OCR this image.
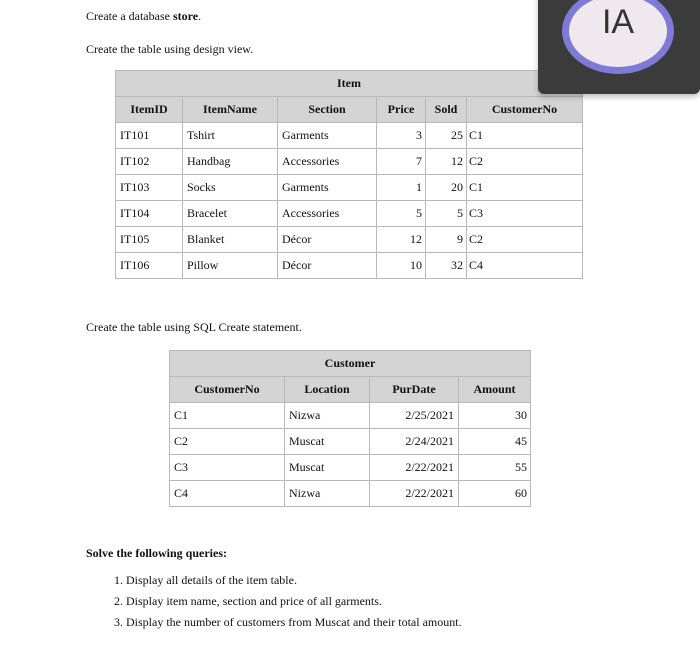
Create a database store.
Create the table using design view.
Item					
ItemID	ItemName	Section	Price	Sold	CustomerNo
IT101	Tshirt	Garments	3	25	C1
IT102	Handbag	Accessories	7	12	C2
IT103	Socks	Garments	1	20	C1
IT104	Bracelet	Accessories	5	5	C3
IT105	Blanket	Décor	12	9	C2
IT106	Pillow	Décor	10	32	C4
Create the table using SQL Create statement.
Customer			
CustomerNo	Location	PurDate	Amount
C1	Nizwa	2/25/2021	30
C2	Muscat	2/24/2021	45
C3	Muscat	2/22/2021	55
C4	Nizwa	2/22/2021	60
Solve the following queries:
1. Display all details of the item table.
2. Display item name, section and price of all garments.
3. Display the number of customers from Muscat and their total amount.
IA
